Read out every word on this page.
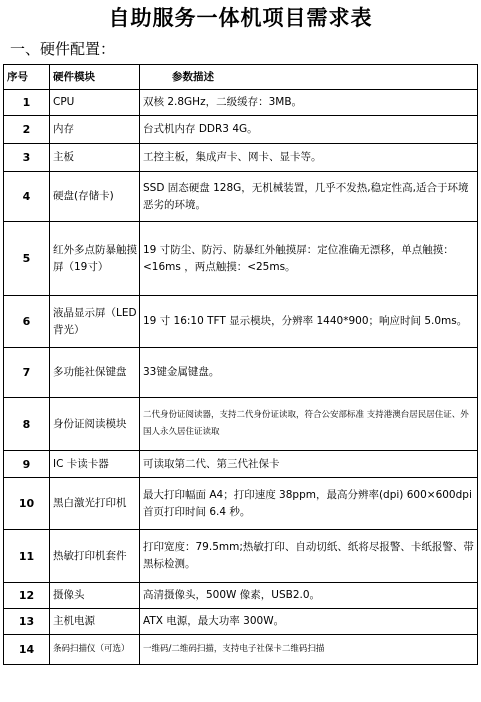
自助服务一体机项目需求表
一、硬件配置：
序号	硬件模块	参数描述
1	CPU	双核 2.8GHz，二级缓存：3MB。
2	内存	台式机内存 DDR3 4G。
3	主板	工控主板，集成声卡、网卡、显卡等。
4	硬盘(存储卡)	SSD 固态硬盘 128G，无机械装置，几乎不发热,稳定性高,适合于环境恶劣的环境。
5	红外多点防暴触摸屏（19寸）	19 寸防尘、防污、防暴红外触摸屏：定位准确无漂移，单点触摸：<16ms ，两点触摸：<25ms。
6	液晶显示屏（LED 背光）	19 寸 16:10 TFT 显示模块，分辨率 1440*900；响应时间 5.0ms。
7	多功能社保键盘	33键金属键盘。
8	身份证阅读模块	二代身份证阅读器，支持二代身份证读取，符合公安部标准 支持港澳台居民居住证、外国人永久居住证读取
9	IC 卡读卡器	可读取第二代、第三代社保卡
10	黑白激光打印机	最大打印幅面 A4；打印速度 38ppm，最高分辨率(dpi) 600×600dpi 首页打印时间 6.4 秒。
11	热敏打印机套件	打印宽度：79.5mm;热敏打印、自动切纸、纸将尽报警、卡纸报警、带黑标检测。
12	摄像头	高清摄像头，500W 像素，USB2.0。
13	主机电源	ATX 电源，最大功率 300W。
14	条码扫描仪（可选）	一维码/二维码扫描，支持电子社保卡二维码扫描
